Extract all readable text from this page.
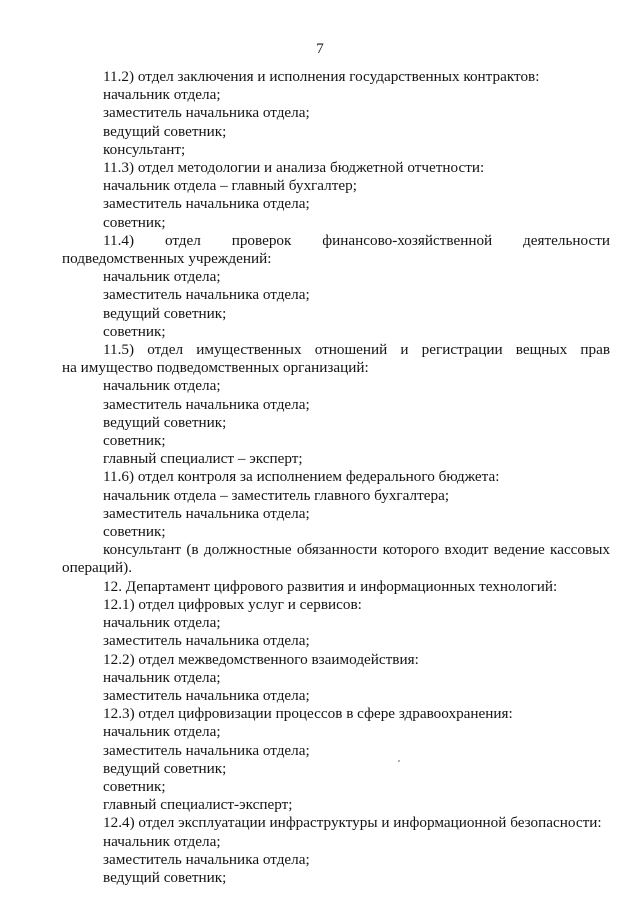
7
11.2) отдел заключения и исполнения государственных контрактов:
начальник отдела;
заместитель начальника отдела;
ведущий советник;
консультант;
11.3) отдел методологии и анализа бюджетной отчетности:
начальник отдела – главный бухгалтер;
заместитель начальника отдела;
советник;
11.4) отдел проверок финансово-хозяйственной деятельности
подведомственных учреждений:
начальник отдела;
заместитель начальника отдела;
ведущий советник;
советник;
11.5) отдел имущественных отношений и регистрации вещных прав
на имущество подведомственных организаций:
начальник отдела;
заместитель начальника отдела;
ведущий советник;
советник;
главный специалист – эксперт;
11.6) отдел контроля за исполнением федерального бюджета:
начальник отдела – заместитель главного бухгалтера;
заместитель начальника отдела;
советник;
консультант (в должностные обязанности которого входит ведение кассовых
операций).
12. Департамент цифрового развития и информационных технологий:
12.1) отдел цифровых услуг и сервисов:
начальник отдела;
заместитель начальника отдела;
12.2) отдел межведомственного взаимодействия:
начальник отдела;
заместитель начальника отдела;
12.3) отдел цифровизации процессов в сфере здравоохранения:
начальник отдела;
заместитель начальника отдела;
ведущий советник;
советник;
главный специалист-эксперт;
12.4) отдел эксплуатации инфраструктуры и информационной безопасности:
начальник отдела;
заместитель начальника отдела;
ведущий советник;
